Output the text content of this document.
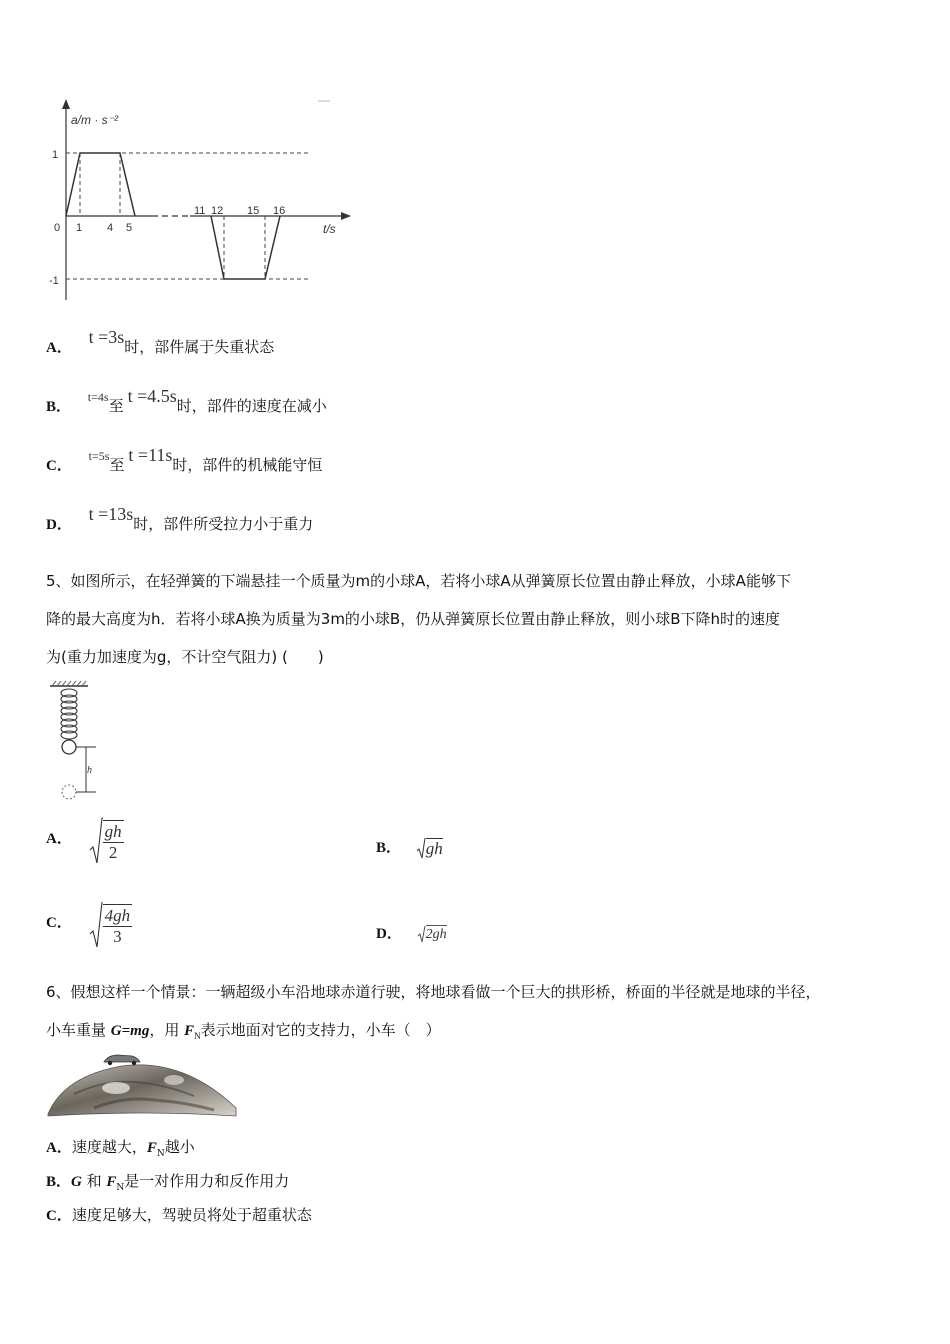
a/m · s⁻²
t/s
0
1
-1
1 4 5
11 12 15 16
A． t =3s时，部件属于失重状态
B． $^{t=4s}$至 t =4.5s时，部件的速度在减小
C． $^{t=5s}$至 t =11s时，部件的机械能守恒
D． t =13s时，部件所受拉力小于重力
5、如图所示，在轻弹簧的下端悬挂一个质量为m的小球A，若将小球A从弹簧原长位置由静止释放，小球A能够下
降的最大高度为h．若将小球A换为质量为3m的小球B，仍从弹簧原长位置由静止释放，则小球B下降h时的速度
为(重力加速度为g，不计空气阻力) (　　)
h
A． $\frac{gh}{2}$	B． gh
C． $\frac{4gh}{3}$	D． 2gh
6、假想这样一个情景：一辆超级小车沿地球赤道行驶，将地球看做一个巨大的拱形桥，桥面的半径就是地球的半径，
小车重量 G=mg，用 $F_N$表示地面对它的支持力，小车（　）
A．速度越大，$F_N$越小
B．G 和 $F_N$是一对作用力和反作用力
C．速度足够大，驾驶员将处于超重状态
